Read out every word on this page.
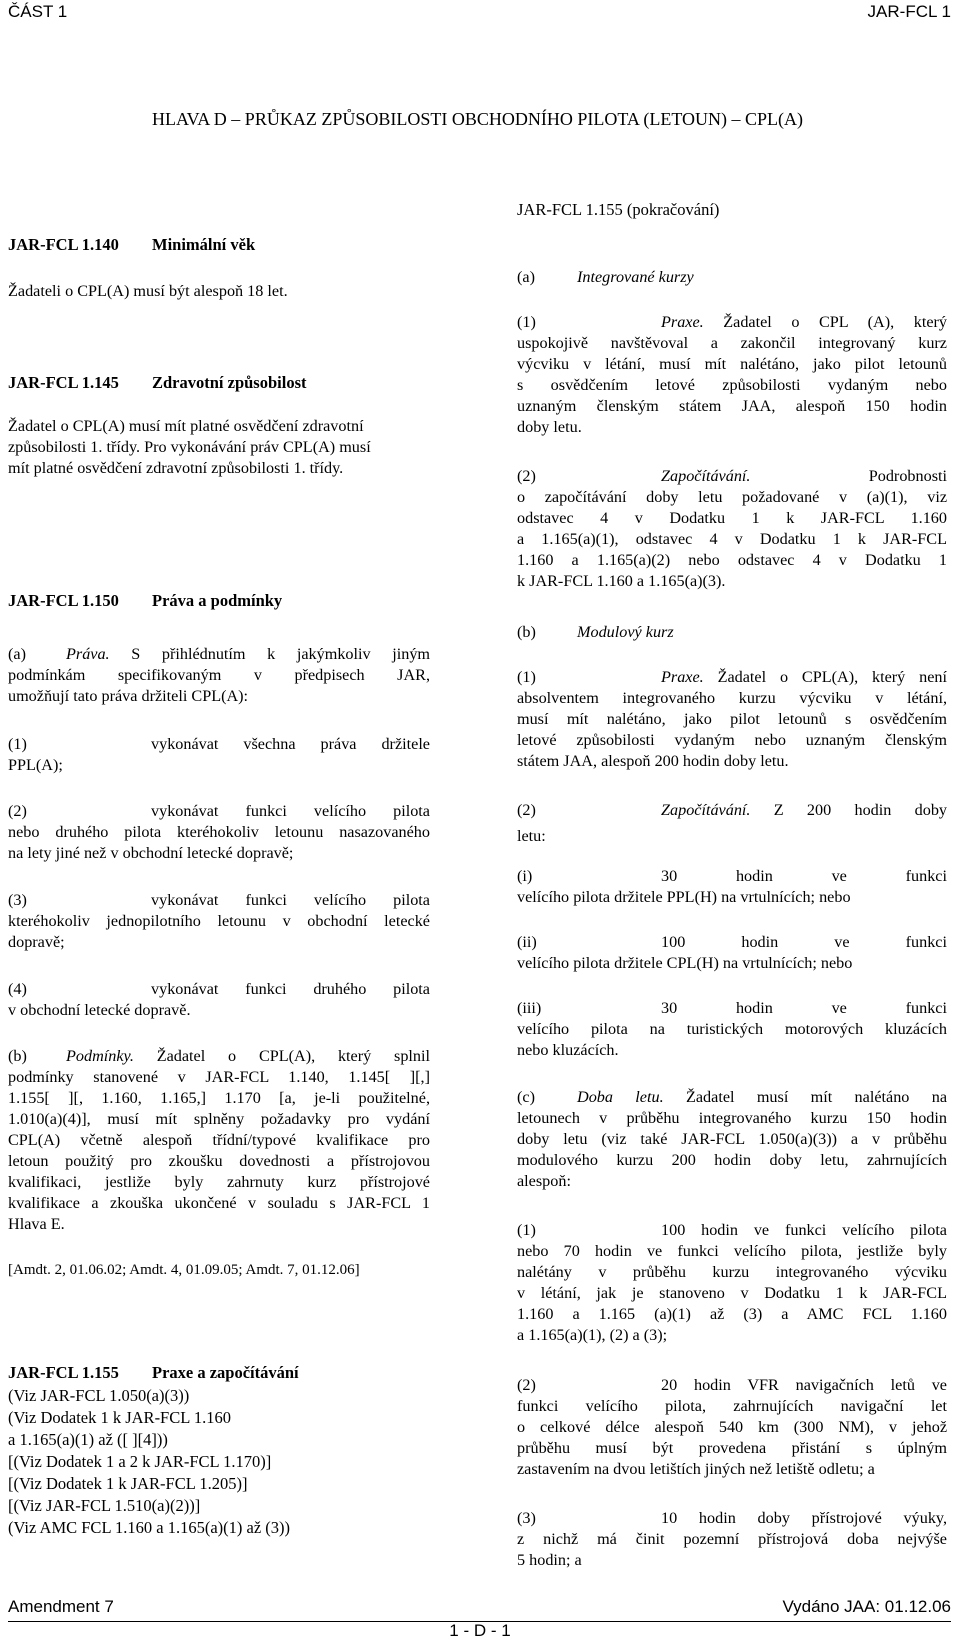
ČÁST 1	JAR-FCL 1
HLAVA D – PRŮKAZ ZPŮSOBILOSTI OBCHODNÍHO PILOTA (LETOUN) – CPL(A)
JAR-FCL 1.140 Minimální věk
Žadateli o CPL(A) musí být alespoň 18 let.
JAR-FCL 1.145 Zdravotní způsobilost

Žadatel o CPL(A) musí mít platné osvědčení zdravotní

způsobilosti 1. třídy. Pro vykonávání práv CPL(A) musí

mít platné osvědčení zdravotní způsobilosti 1. třídy.

JAR-FCL 1.150 Práva a podmínky

(a) Práva. S přihlédnutím k jakýmkoliv jiným

podmínkám specifikovaným v předpisech JAR,

umožňují tato práva držiteli CPL(A):

(1)	vykonávat všechna práva držitele

PPL(A);

(2)	vykonávat funkci velícího pilota

nebo druhého pilota kteréhokoliv letounu nasazovaného

na lety jiné než v obchodní letecké dopravě;

(3)	vykonávat funkci velícího pilota

kteréhokoliv jednopilotního letounu v obchodní letecké

dopravě;

(4)	vykonávat funkci druhého pilota

v obchodní letecké dopravě.

(b) Podmínky. Žadatel o CPL(A), který splnil

podmínky stanovené v JAR-FCL 1.140, 1.145[ ][,]

1.155[ ][, 1.160, 1.165,] 1.170 [a, je-li použitelné,

1.010(a)(4)], musí mít splněny požadavky pro vydání

CPL(A) včetně alespoň třídní/typové kvalifikace pro

letoun použitý pro zkoušku dovednosti a přístrojovou

kvalifikaci, jestliže byly zahrnuty kurz přístrojové

kvalifikace a zkouška ukončené v souladu s JAR-FCL 1

Hlava E.

[Amdt. 2, 01.06.02; Amdt. 4, 01.09.05; Amdt. 7, 01.12.06]
JAR-FCL 1.155 Praxe a započítávání

(Viz JAR-FCL 1.050(a)(3))

(Viz Dodatek 1 k JAR-FCL 1.160

a 1.165(a)(1) až ([ ][4]))

[(Viz Dodatek 1 a 2 k JAR-FCL 1.170)]

[(Viz Dodatek 1 k JAR-FCL 1.205)]

[(Viz JAR-FCL 1.510(a)(2))]

(Viz AMC FCL 1.160 a 1.165(a)(1) až (3))

JAR-FCL 1.155 (pokračování)
(a)	Integrované kurzy

(1)	Praxe. Žadatel o CPL (A), který

uspokojivě navštěvoval a zakončil integrovaný kurz

výcviku v létání, musí mít nalétáno, jako pilot letounů

s osvědčením letové způsobilosti vydaným nebo

uznaným členským státem JAA, alespoň 150 hodin

doby letu.

(2)	Započítávání.	Podrobnosti

o započítávání doby letu požadované v (a)(1), viz

odstavec 4 v Dodatku 1 k JAR-FCL 1.160

a 1.165(a)(1), odstavec 4 v Dodatku 1 k JAR-FCL

1.160 a 1.165(a)(2) nebo odstavec 4 v Dodatku 1

k JAR-FCL 1.160 a 1.165(a)(3).

(b)	Modulový kurz

(1)	Praxe. Žadatel o CPL(A), který není

absolventem integrovaného kurzu výcviku v létání,

musí mít nalétáno, jako pilot letounů s osvědčením

letové způsobilosti vydaným nebo uznaným členským

státem JAA, alespoň 200 hodin doby letu.

(2)	Započítávání. Z 200 hodin doby

letu:

(i)	30 hodin ve funkci

velícího pilota držitele PPL(H) na vrtulnících; nebo

(ii)	100 hodin ve funkci

velícího pilota držitele CPL(H) na vrtulnících; nebo

(iii)	30 hodin ve funkci

velícího pilota na turistických motorových kluzácích

nebo kluzácích.

(c)	Doba letu. Žadatel musí mít nalétáno na

letounech v průběhu integrovaného kurzu 150 hodin

doby letu (viz také JAR-FCL 1.050(a)(3)) a v průběhu

modulového kurzu 200 hodin doby letu, zahrnujících

alespoň:

(1)	100 hodin ve funkci velícího pilota

nebo 70 hodin ve funkci velícího pilota, jestliže byly

nalétány v průběhu kurzu integrovaného výcviku

v létání, jak je stanoveno v Dodatku 1 k JAR-FCL

1.160 a 1.165 (a)(1) až (3) a AMC FCL 1.160

a 1.165(a)(1), (2) a (3);

(2)	20 hodin VFR navigačních letů ve

funkci velícího pilota, zahrnujících navigační let

o celkové délce alespoň 540 km (300 NM), v jehož

průběhu musí být provedena přistání s úplným

zastavením na dvou letištích jiných než letiště odletu; a

(3)	10 hodin doby přístrojové výuky,

z nichž má činit pozemní přístrojová doba nejvýše

5 hodin; a

Amendment 7	Vydáno JAA: 01.12.06
1 - D - 1
